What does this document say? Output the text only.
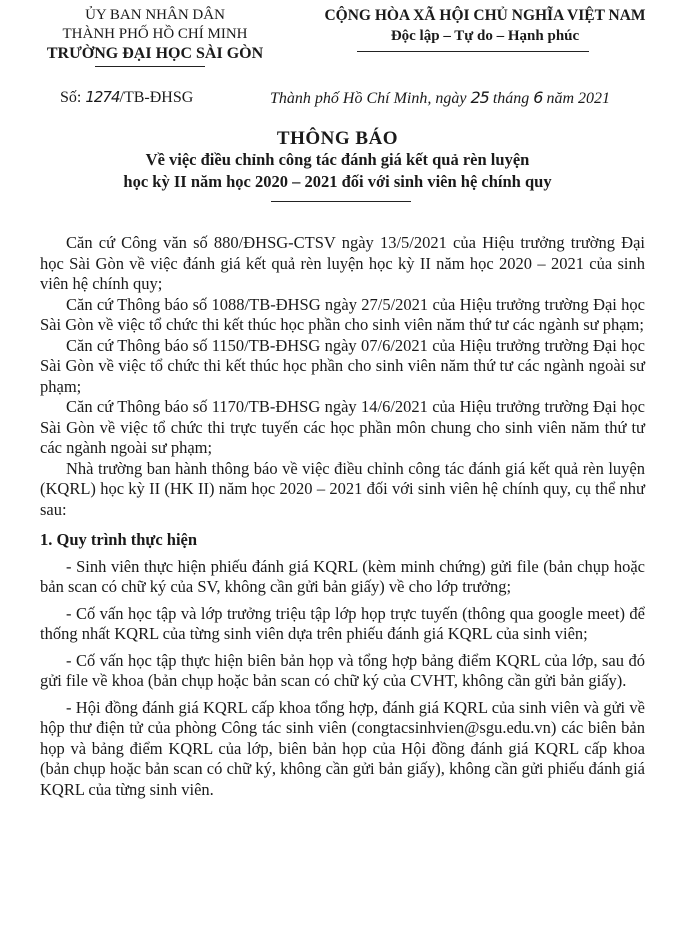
ỦY BAN NHÂN DÂN
THÀNH PHỐ HỒ CHÍ MINH
TRƯỜNG ĐẠI HỌC SÀI GÒN
CỘNG HÒA XÃ HỘI CHỦ NGHĨA VIỆT NAM
Độc lập – Tự do – Hạnh phúc
Số: 1274/TB-ĐHSG	Thành phố Hồ Chí Minh, ngày 25 tháng 6 năm 2021
THÔNG BÁO
Về việc điều chỉnh công tác đánh giá kết quả rèn luyện
học kỳ II năm học 2020 – 2021 đối với sinh viên hệ chính quy

Căn cứ Công văn số 880/ĐHSG-CTSV ngày 13/5/2021 của Hiệu trưởng trường Đại học Sài Gòn về việc đánh giá kết quả rèn luyện học kỳ II năm học 2020 – 2021 của sinh viên hệ chính quy;

Căn cứ Thông báo số 1088/TB-ĐHSG ngày 27/5/2021 của Hiệu trưởng trường Đại học Sài Gòn về việc tổ chức thi kết thúc học phần cho sinh viên năm thứ tư các ngành sư phạm;

Căn cứ Thông báo số 1150/TB-ĐHSG ngày 07/6/2021 của Hiệu trưởng trường Đại học Sài Gòn về việc tổ chức thi kết thúc học phần cho sinh viên năm thứ tư các ngành ngoài sư phạm;

Căn cứ Thông báo số 1170/TB-ĐHSG ngày 14/6/2021 của Hiệu trưởng trường Đại học Sài Gòn về việc tổ chức thi trực tuyến các học phần môn chung cho sinh viên năm thứ tư các ngành ngoài sư phạm;

Nhà trường ban hành thông báo về việc điều chỉnh công tác đánh giá kết quả rèn luyện (KQRL) học kỳ II (HK II) năm học 2020 – 2021 đối với sinh viên hệ chính quy, cụ thể như sau:

1. Quy trình thực hiện

- Sinh viên thực hiện phiếu đánh giá KQRL (kèm minh chứng) gửi file (bản chụp hoặc bản scan có chữ ký của SV, không cần gửi bản giấy) về cho lớp trưởng;

- Cố vấn học tập và lớp trưởng triệu tập lớp họp trực tuyến (thông qua google meet) để thống nhất KQRL của từng sinh viên dựa trên phiếu đánh giá KQRL của sinh viên;

- Cố vấn học tập thực hiện biên bản họp và tổng hợp bảng điểm KQRL của lớp, sau đó gửi file về khoa (bản chụp hoặc bản scan có chữ ký của CVHT, không cần gửi bản giấy).

- Hội đồng đánh giá KQRL cấp khoa tổng hợp, đánh giá KQRL của sinh viên và gửi về hộp thư điện tử của phòng Công tác sinh viên (congtacsinhvien@sgu.edu.vn) các biên bản họp và bảng điểm KQRL của lớp, biên bản họp của Hội đồng đánh giá KQRL cấp khoa (bản chụp hoặc bản scan có chữ ký, không cần gửi bản giấy), không cần gửi phiếu đánh giá KQRL của từng sinh viên.
